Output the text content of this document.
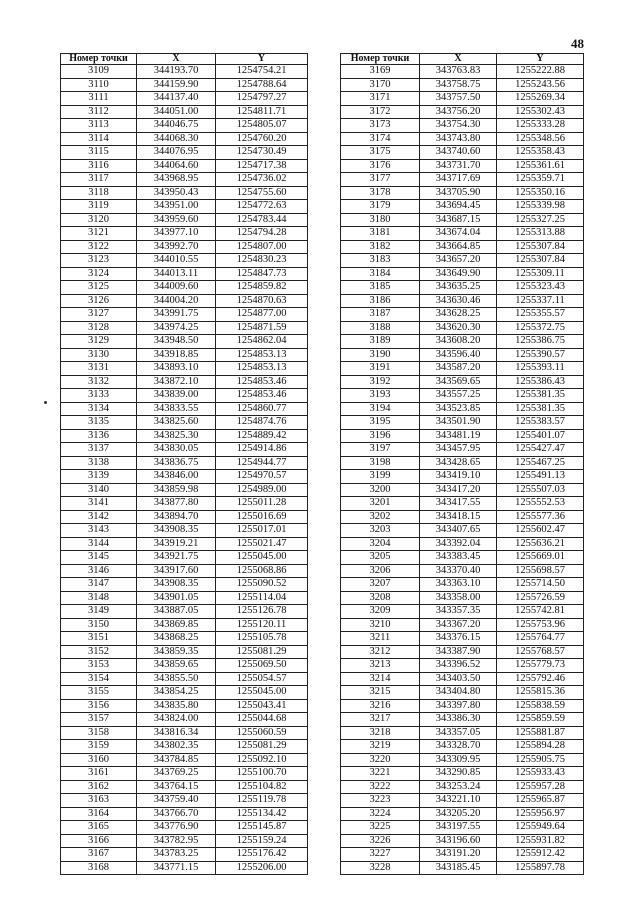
48
Номер точки	X	Y
3109	344193.70	1254754.21
3110	344159.90	1254788.64
3111	344137.40	1254797.27
3112	344051.00	1254811.71
3113	344046.75	1254805.07
3114	344068.30	1254760.20
3115	344076.95	1254730.49
3116	344064.60	1254717.38
3117	343968.95	1254736.02
3118	343950.43	1254755.60
3119	343951.00	1254772.63
3120	343959.60	1254783.44
3121	343977.10	1254794.28
3122	343992.70	1254807.00
3123	344010.55	1254830.23
3124	344013.11	1254847.73
3125	344009.60	1254859.82
3126	344004.20	1254870.63
3127	343991.75	1254877.00
3128	343974.25	1254871.59
3129	343948.50	1254862.04
3130	343918.85	1254853.13
3131	343893.10	1254853.13
3132	343872.10	1254853.46
3133	343839.00	1254853.46
3134	343833.55	1254860.77
3135	343825.60	1254874.76
3136	343825.30	1254889.42
3137	343830.05	1254914.86
3138	343836.75	1254944.77
3139	343846.00	1254970.57
3140	343859.98	1254989.00
3141	343877.80	1255011.28
3142	343894.70	1255016.69
3143	343908.35	1255017.01
3144	343919.21	1255021.47
3145	343921.75	1255045.00
3146	343917.60	1255068.86
3147	343908.35	1255090.52
3148	343901.05	1255114.04
3149	343887.05	1255126.78
3150	343869.85	1255120.11
3151	343868.25	1255105.78
3152	343859.35	1255081.29
3153	343859.65	1255069.50
3154	343855.50	1255054.57
3155	343854.25	1255045.00
3156	343835.80	1255043.41
3157	343824.00	1255044.68
3158	343816.34	1255060.59
3159	343802.35	1255081.29
3160	343784.85	1255092.10
3161	343769.25	1255100.70
3162	343764.15	1255104.82
3163	343759.40	1255119.78
3164	343766.70	1255134.42
3165	343776.90	1255145.87
3166	343782.95	1255159.24
3167	343783.25	1255176.42
3168	343771.15	1255206.00
Номер точки	X	Y
3169	343763.83	1255222.88
3170	343758.75	1255243.56
3171	343757.50	1255269.34
3172	343756.20	1255302.43
3173	343754.30	1255333.28
3174	343743.80	1255348.56
3175	343740.60	1255358.43
3176	343731.70	1255361.61
3177	343717.69	1255359.71
3178	343705.90	1255350.16
3179	343694.45	1255339.98
3180	343687.15	1255327.25
3181	343674.04	1255313.88
3182	343664.85	1255307.84
3183	343657.20	1255307.84
3184	343649.90	1255309.11
3185	343635.25	1255323.43
3186	343630.46	1255337.11
3187	343628.25	1255355.57
3188	343620.30	1255372.75
3189	343608.20	1255386.75
3190	343596.40	1255390.57
3191	343587.20	1255393.11
3192	343569.65	1255386.43
3193	343557.25	1255381.35
3194	343523.85	1255381.35
3195	343501.90	1255383.57
3196	343481.19	1255401.07
3197	343457.95	1255427.47
3198	343428.65	1255467.25
3199	343419.10	1255491.13
3200	343417.20	1255507.03
3201	343417.55	1255552.53
3202	343418.15	1255577.36
3203	343407.65	1255602.47
3204	343392.04	1255636.21
3205	343383.45	1255669.01
3206	343370.40	1255698.57
3207	343363.10	1255714.50
3208	343358.00	1255726.59
3209	343357.35	1255742.81
3210	343367.20	1255753.96
3211	343376.15	1255764.77
3212	343387.90	1255768.57
3213	343396.52	1255779.73
3214	343403.50	1255792.46
3215	343404.80	1255815.36
3216	343397.80	1255838.59
3217	343386.30	1255859.59
3218	343357.05	1255881.87
3219	343328.70	1255894.28
3220	343309.95	1255905.75
3221	343290.85	1255933.43
3222	343253.24	1255957.28
3223	343221.10	1255965.87
3224	343205.20	1255956.97
3225	343197.55	1255949.64
3226	343196.60	1255931.82
3227	343191.20	1255912.42
3228	343185.45	1255897.78
